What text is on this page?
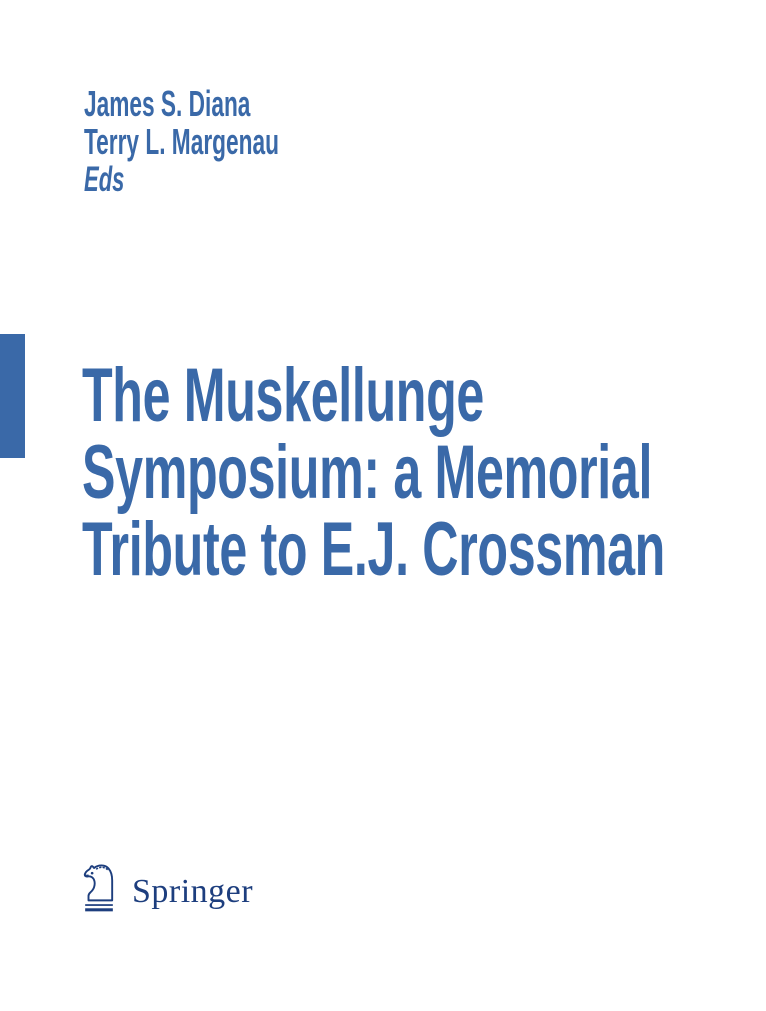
James S. Diana
Terry L. Margenau
Eds
The Muskellunge
Symposium: a Memorial
Tribute to E.J. Crossman
Springer
